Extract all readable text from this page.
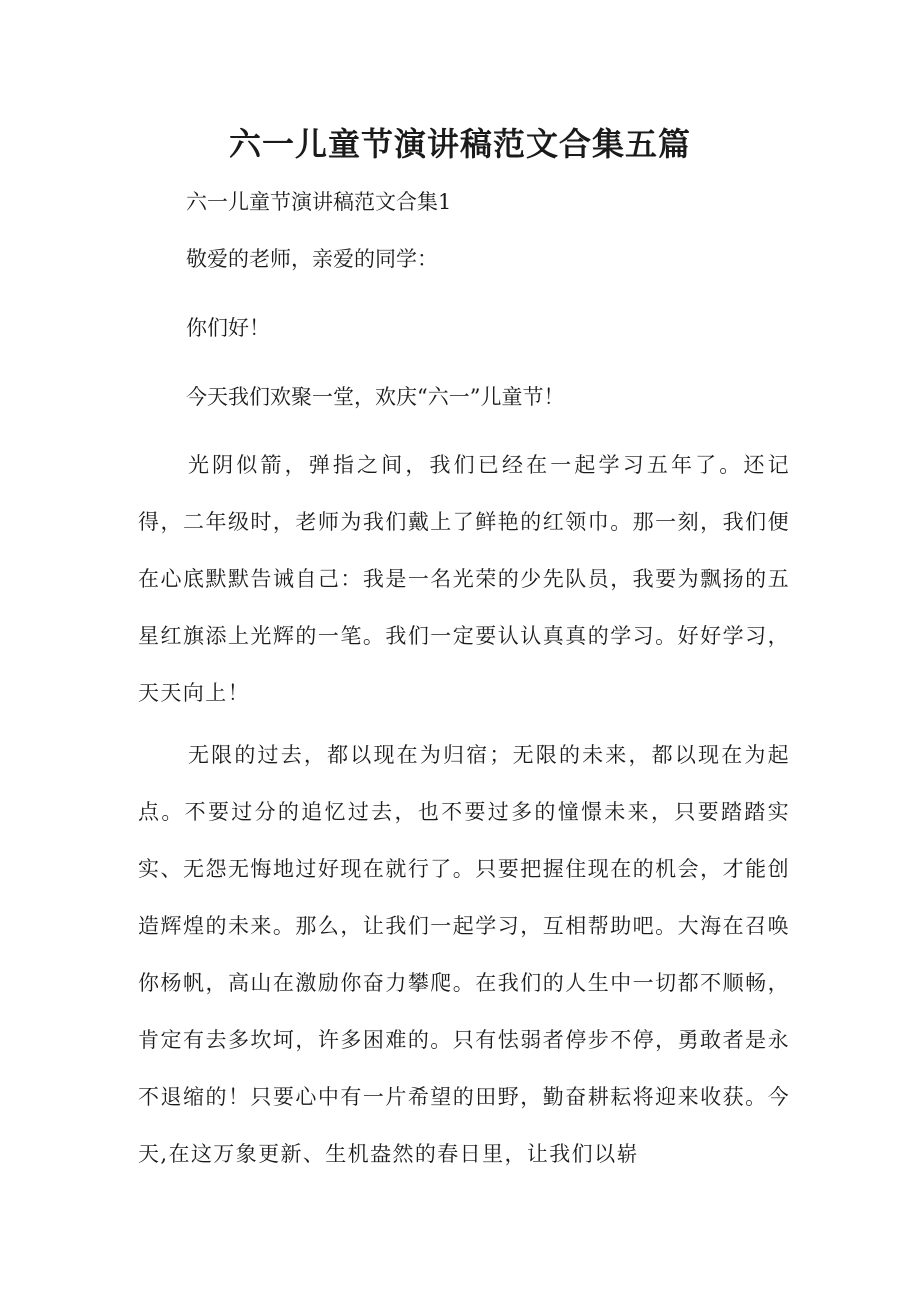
六一儿童节演讲稿范文合集五篇

六一儿童节演讲稿范文合集1

敬爱的老师，亲爱的同学：

你们好！

今天我们欢聚一堂，欢庆“六一”儿童节！

光阴似箭，弹指之间，我们已经在一起学习五年了。还记得，二年级时，老师为我们戴上了鲜艳的红领巾。那一刻，我们便在心底默默告诫自己：我是一名光荣的少先队员，我要为飘扬的五星红旗添上光辉的一笔。我们一定要认认真真的学习。好好学习，天天向上！

无限的过去，都以现在为归宿；无限的未来，都以现在为起点。不要过分的追忆过去，也不要过多的憧憬未来，只要踏踏实实、无怨无悔地过好现在就行了。只要把握住现在的机会，才能创造辉煌的未来。那么，让我们一起学习，互相帮助吧。大海在召唤你杨帆，高山在激励你奋力攀爬。在我们的人生中一切都不顺畅，肯定有去多坎坷，许多困难的。只有怯弱者停步不停，勇敢者是永不退缩的！只要心中有一片希望的田野，勤奋耕耘将迎来收获。今天,在这万象更新、生机盎然的春日里，让我们以崭
